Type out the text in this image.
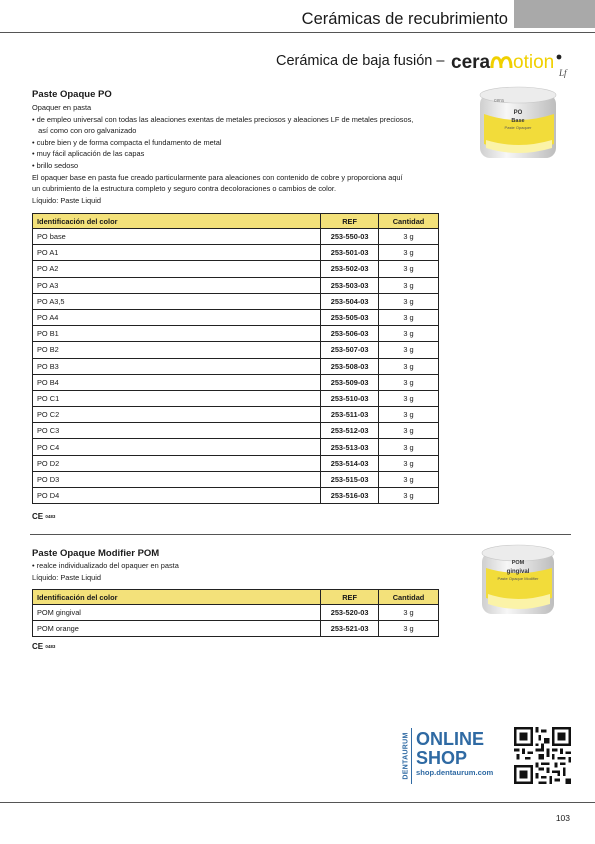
Cerámicas de recubrimiento
Cerámica de baja fusión – cera otion Lf
Paste Opaque PO
Opaquer en pasta
• de empleo universal con todas las aleaciones exentas de metales preciosos y aleaciones LF de metales preciosos,
así como con oro galvanizado
• cubre bien y de forma compacta el fundamento de metal
• muy fácil aplicación de las capas
• brillo sedoso
El opaquer base en pasta fue creado particularmente para aleaciones con contenido de cobre y proporciona aquí
un cubrimiento de la estructura completo y seguro contra decoloraciones o cambios de color.
Líquido: Paste Liquid
cera
PO
Base
Paste Opaquer
Identificación del color	REF	Cantidad
PO base	253-550-03	3 g
PO A1	253-501-03	3 g
PO A2	253-502-03	3 g
PO A3	253-503-03	3 g
PO A3,5	253-504-03	3 g
PO A4	253-505-03	3 g
PO B1	253-506-03	3 g
PO B2	253-507-03	3 g
PO B3	253-508-03	3 g
PO B4	253-509-03	3 g
PO C1	253-510-03	3 g
PO C2	253-511-03	3 g
PO C3	253-512-03	3 g
PO C4	253-513-03	3 g
PO D2	253-514-03	3 g
PO D3	253-515-03	3 g
PO D4	253-516-03	3 g
CE 0483
Paste Opaque Modifier POM
• realce individualizado del opaquer en pasta
Líquido: Paste Liquid
POM
gingival
Paste Opaque Modifier
Identificación del color	REF	Cantidad
POM gingival	253-520-03	3 g
POM orange	253-521-03	3 g
CE 0483
DENTAURUM ONLINE
SHOP
shop.dentaurum.com
103
